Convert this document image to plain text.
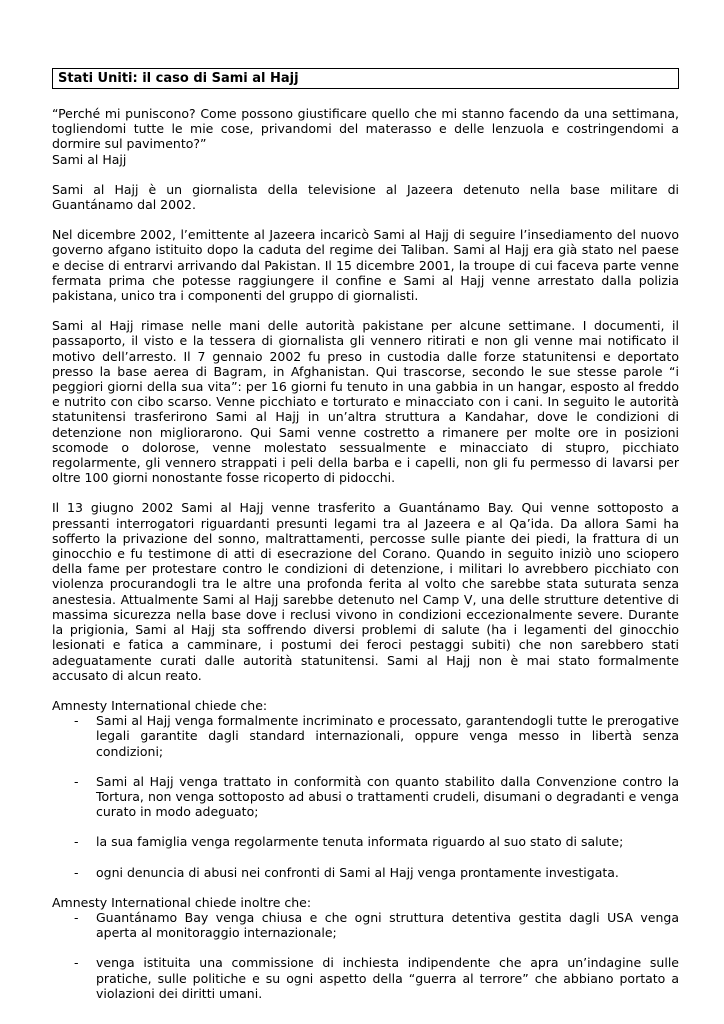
Stati Uniti: il caso di Sami al Hajj

“Perché mi puniscono? Come possono giustificare quello che mi stanno facendo da una settimana, togliendomi tutte le mie cose, privandomi del materasso e delle lenzuola e costringendomi a dormire sul pavimento?”

Sami al Hajj

Sami al Hajj è un giornalista della televisione al Jazeera detenuto nella base militare di Guantánamo dal 2002.

Nel dicembre 2002, l’emittente al Jazeera incaricò Sami al Hajj di seguire l’insediamento del nuovo governo afgano istituito dopo la caduta del regime dei Taliban. Sami al Hajj era già stato nel paese e decise di entrarvi arrivando dal Pakistan. Il 15 dicembre 2001, la troupe di cui faceva parte venne fermata prima che potesse raggiungere il confine e Sami al Hajj venne arrestato dalla polizia pakistana, unico tra i componenti del gruppo di giornalisti.

Sami al Hajj rimase nelle mani delle autorità pakistane per alcune settimane. I documenti, il passaporto, il visto e la tessera di giornalista gli vennero ritirati e non gli venne mai notificato il motivo dell’arresto. Il 7 gennaio 2002 fu preso in custodia dalle forze statunitensi e deportato presso la base aerea di Bagram, in Afghanistan. Qui trascorse, secondo le sue stesse parole “i peggiori giorni della sua vita”: per 16 giorni fu tenuto in una gabbia in un hangar, esposto al freddo e nutrito con cibo scarso. Venne picchiato e torturato e minacciato con i cani. In seguito le autorità statunitensi trasferirono Sami al Hajj in un’altra struttura a Kandahar, dove le condizioni di detenzione non migliorarono. Qui Sami venne costretto a rimanere per molte ore in posizioni scomode o dolorose, venne molestato sessualmente e minacciato di stupro, picchiato regolarmente, gli vennero strappati i peli della barba e i capelli, non gli fu permesso di lavarsi per oltre 100 giorni nonostante fosse ricoperto di pidocchi.

Il 13 giugno 2002 Sami al Hajj venne trasferito a Guantánamo Bay. Qui venne sottoposto a pressanti interrogatori riguardanti presunti legami tra al Jazeera e al Qa’ida. Da allora Sami ha sofferto la privazione del sonno, maltrattamenti, percosse sulle piante dei piedi, la frattura di un ginocchio e fu testimone di atti di esecrazione del Corano. Quando in seguito iniziò uno sciopero della fame per protestare contro le condizioni di detenzione, i militari lo avrebbero picchiato con violenza procurandogli tra le altre una profonda ferita al volto che sarebbe stata suturata senza anestesia. Attualmente Sami al Hajj sarebbe detenuto nel Camp V, una delle strutture detentive di massima sicurezza nella base dove i reclusi vivono in condizioni eccezionalmente severe. Durante la prigionia, Sami al Hajj sta soffrendo diversi problemi di salute (ha i legamenti del ginocchio lesionati e fatica a camminare, i postumi dei feroci pestaggi subiti) che non sarebbero stati adeguatamente curati dalle autorità statunitensi. Sami al Hajj non è mai stato formalmente accusato di alcun reato.

Amnesty International chiede che:

- Sami al Hajj venga formalmente incriminato e processato, garantendogli tutte le prerogative legali garantite dagli standard internazionali, oppure venga messo in libertà senza condizioni;
- Sami al Hajj venga trattato in conformità con quanto stabilito dalla Convenzione contro la Tortura, non venga sottoposto ad abusi o trattamenti crudeli, disumani o degradanti e venga curato in modo adeguato;
- la sua famiglia venga regolarmente tenuta informata riguardo al suo stato di salute;
- ogni denuncia di abusi nei confronti di Sami al Hajj venga prontamente investigata.

Amnesty International chiede inoltre che:

- Guantánamo Bay venga chiusa e che ogni struttura detentiva gestita dagli USA venga aperta al monitoraggio internazionale;
- venga istituita una commissione di inchiesta indipendente che apra un’indagine sulle pratiche, sulle politiche e su ogni aspetto della “guerra al terrore” che abbiano portato a violazioni dei diritti umani.
